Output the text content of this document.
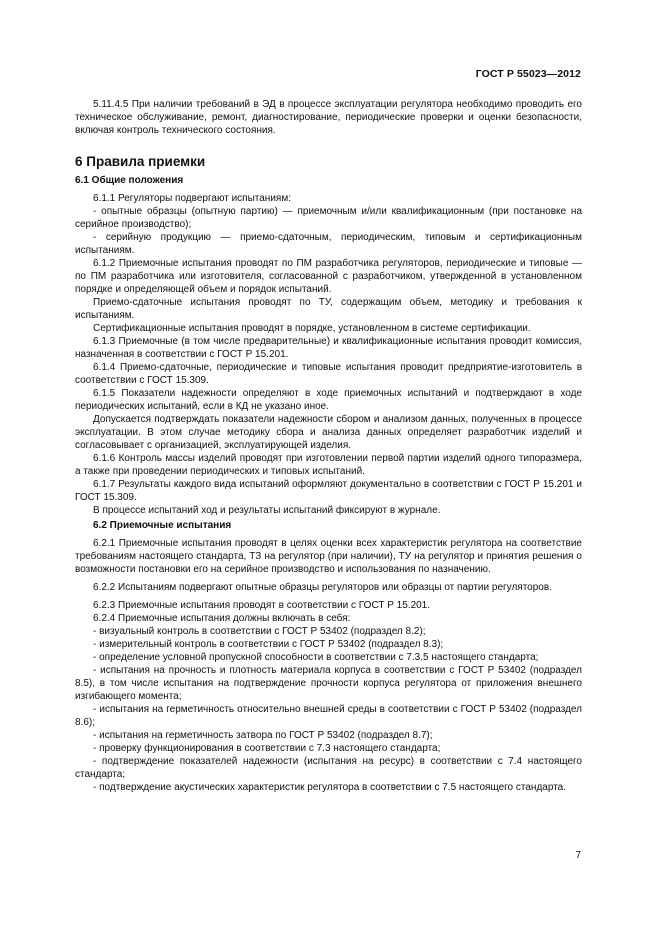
ГОСТ Р 55023—2012

5.11.4.5 При наличии требований в ЭД в процессе эксплуатации регулятора необходимо проводить его техническое обслуживание, ремонт, диагностирование, периодические проверки и оценки безопасности, включая контроль технического состояния.

6 Правила приемки

6.1 Общие положения

6.1.1 Регуляторы подвергают испытаниям:

- опытные образцы (опытную партию) — приемочным и/или квалификационным (при постановке на серийное производство);

- серийную продукцию — приемо-сдаточным, периодическим, типовым и сертификационным испытаниям.

6.1.2 Приемочные испытания проводят по ПМ разработчика регуляторов, периодические и типовые — по ПМ разработчика или изготовителя, согласованной с разработчиком, утвержденной в установленном порядке и определяющей объем и порядок испытаний.

Приемо-сдаточные испытания проводят по ТУ, содержащим объем, методику и требования к испытаниям.

Сертификационные испытания проводят в порядке, установленном в системе сертификации.

6.1.3 Приемочные (в том числе предварительные) и квалификационные испытания проводит комиссия, назначенная в соответствии с ГОСТ Р 15.201.

6.1.4 Приемо-сдаточные, периодические и типовые испытания проводит предприятие-изготовитель в соответствии с ГОСТ 15.309.

6.1.5 Показатели надежности определяют в ходе приемочных испытаний и подтверждают в ходе периодических испытаний, если в КД не указано иное.

Допускается подтверждать показатели надежности сбором и анализом данных, полученных в процессе эксплуатации. В этом случае методику сбора и анализа данных определяет разработчик изделий и согласовывает с организацией, эксплуатирующей изделия.

6.1.6 Контроль массы изделий проводят при изготовлении первой партии изделий одного типоразмера, а также при проведении периодических и типовых испытаний.

6.1.7 Результаты каждого вида испытаний оформляют документально в соответствии с ГОСТ Р 15.201 и ГОСТ 15.309.

В процессе испытаний ход и результаты испытаний фиксируют в журнале.

6.2 Приемочные испытания

6.2.1 Приемочные испытания проводят в целях оценки всех характеристик регулятора на соответствие требованиям настоящего стандарта, ТЗ на регулятор (при наличии), ТУ на регулятор и принятия решения о возможности постановки его на серийное производство и использования по назначению.

6.2.2 Испытаниям подвергают опытные образцы регуляторов или образцы от партии регуляторов.

6.2.3 Приемочные испытания проводят в соответствии с ГОСТ Р 15.201.

6.2.4 Приемочные испытания должны включать в себя:

- визуальный контроль в соответствии с ГОСТ Р 53402 (подраздел 8.2);

- измерительный контроль в соответствии с ГОСТ Р 53402 (подраздел 8.3);

- определение условной пропускной способности в соответствии с 7.3.5 настоящего стандарта;

- испытания на прочность и плотность материала корпуса в соответствии с ГОСТ Р 53402 (подраздел 8.5), в том числе испытания на подтверждение прочности корпуса регулятора от приложения внешнего изгибающего момента;

- испытания на герметичность относительно внешней среды в соответствии с ГОСТ Р 53402 (подраздел 8.6);

- испытания на герметичность затвора по ГОСТ Р 53402 (подраздел 8.7);

- проверку функционирования в соответствии с 7.3 настоящего стандарта;

- подтверждение показателей надежности (испытания на ресурс) в соответствии с 7.4 настоящего стандарта;

- подтверждение акустических характеристик регулятора в соответствии с 7.5 настоящего стандарта.

7
